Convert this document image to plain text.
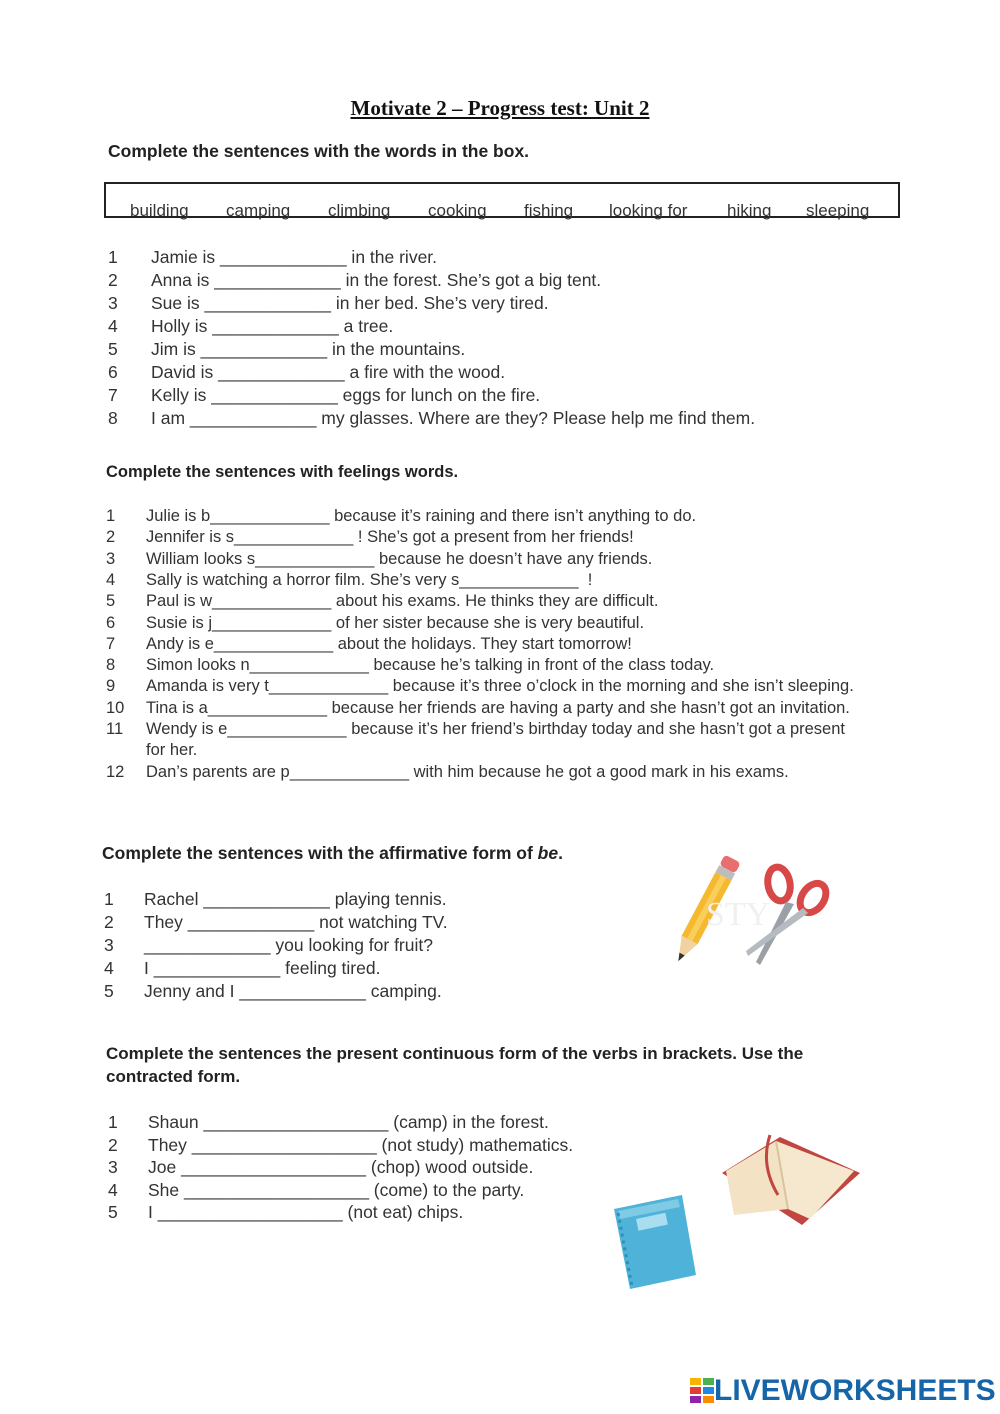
Motivate 2 – Progress test: Unit 2
Complete the sentences with the words in the box.
building camping climbing cooking fishing looking for hiking sleeping
1 Jamie is _____________ in the river.
2 Anna is _____________ in the forest. She’s got a big tent.
3 Sue is _____________ in her bed. She’s very tired.
4 Holly is _____________ a tree.
5 Jim is _____________ in the mountains.
6 David is _____________ a fire with the wood.
7 Kelly is _____________ eggs for lunch on the fire.
8 I am _____________ my glasses. Where are they? Please help me find them.
Complete the sentences with feelings words.
1 Julie is b_____________ because it’s raining and there isn’t anything to do.
2 Jennifer is s_____________ ! She’s got a present from her friends!
3 William looks s_____________ because he doesn’t have any friends.
4 Sally is watching a horror film. She’s very s_____________  !
5 Paul is w_____________ about his exams. He thinks they are difficult.
6 Susie is j_____________ of her sister because she is very beautiful.
7 Andy is e_____________ about the holidays. They start tomorrow!
8 Simon looks n_____________ because he’s talking in front of the class today.
9 Amanda is very t_____________ because it’s three o’clock in the morning and she isn’t sleeping.
10 Tina is a_____________ because her friends are having a party and she hasn’t got an invitation.
11 Wendy is e_____________ because it’s her friend’s birthday today and she hasn’t got a present
for her.
12 Dan’s parents are p_____________ with him because he got a good mark in his exams.
Complete the sentences with the affirmative form of be.
1 Rachel _____________ playing tennis.
2 They _____________ not watching TV.
3 _____________ you looking for fruit?
4 I _____________ feeling tired.
5 Jenny and I _____________ camping.
STY
Complete the sentences the present continuous form of the verbs in brackets. Use the
contracted form.
1 Shaun ___________________ (camp) in the forest.
2 They ___________________ (not study) mathematics.
3 Joe ___________________ (chop) wood outside.
4 She ___________________ (come) to the party.
5 I ___________________ (not eat) chips.
LIVEWORKSHEETS
